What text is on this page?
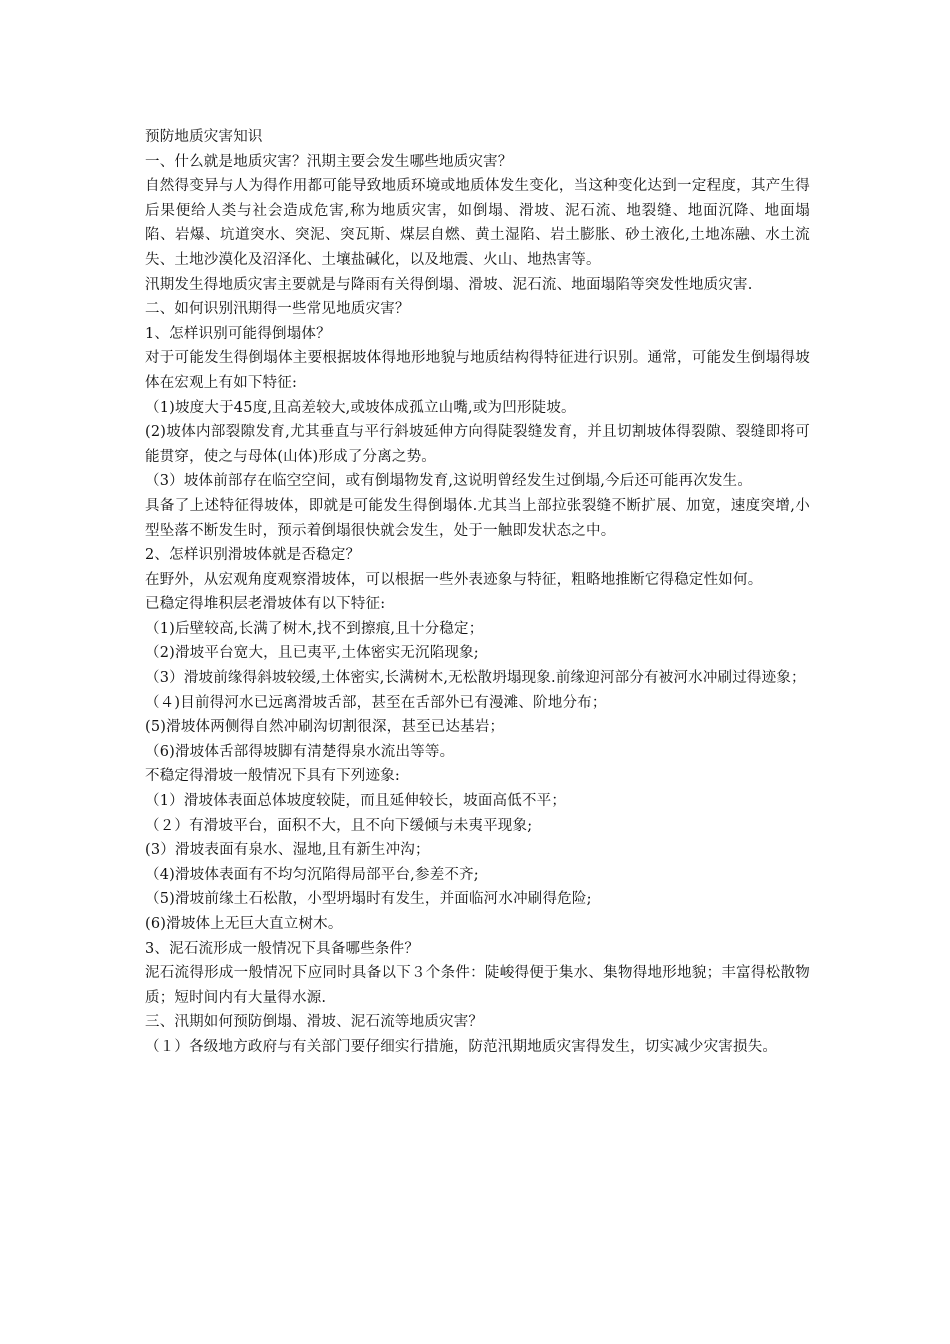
预防地质灾害知识

一、什么就是地质灾害？汛期主要会发生哪些地质灾害？

自然得变异与人为得作用都可能导致地质环境或地质体发生变化，当这种变化达到一定程度，其产生得后果便给人类与社会造成危害,称为地质灾害，如倒塌、滑坡、泥石流、地裂缝、地面沉降、地面塌陷、岩爆、坑道突水、突泥、突瓦斯、煤层自燃、黄土湿陷、岩土膨胀、砂土液化,土地冻融、水土流失、土地沙漠化及沼泽化、土壤盐碱化，以及地震、火山、地热害等。

汛期发生得地质灾害主要就是与降雨有关得倒塌、滑坡、泥石流、地面塌陷等突发性地质灾害.

二、如何识别汛期得一些常见地质灾害？

1、怎样识别可能得倒塌体？

对于可能发生得倒塌体主要根据坡体得地形地貌与地质结构得特征进行识别。通常，可能发生倒塌得坡体在宏观上有如下特征:

（1)坡度大于45度,且高差较大,或坡体成孤立山嘴,或为凹形陡坡。

(2)坡体内部裂隙发育,尤其垂直与平行斜坡延伸方向得陡裂缝发育，并且切割坡体得裂隙、裂缝即将可能贯穿，使之与母体(山体)形成了分离之势。

（3）坡体前部存在临空空间，或有倒塌物发育,这说明曾经发生过倒塌,今后还可能再次发生。

具备了上述特征得坡体，即就是可能发生得倒塌体.尤其当上部拉张裂缝不断扩展、加宽，速度突增,小型坠落不断发生时，预示着倒塌很快就会发生，处于一触即发状态之中。

2、怎样识别滑坡体就是否稳定？

在野外，从宏观角度观察滑坡体，可以根据一些外表迹象与特征，粗略地推断它得稳定性如何。

已稳定得堆积层老滑坡体有以下特征:

（1)后壁较高,长满了树木,找不到擦痕,且十分稳定；

（2)滑坡平台宽大，且已夷平,土体密实无沉陷现象;

（3）滑坡前缘得斜坡较缓,土体密实,长满树木,无松散坍塌现象.前缘迎河部分有被河水冲刷过得迹象；

（４)目前得河水已远离滑坡舌部，甚至在舌部外已有漫滩、阶地分布；

(5)滑坡体两侧得自然冲刷沟切割很深，甚至已达基岩；

（6)滑坡体舌部得坡脚有清楚得泉水流出等等。

不稳定得滑坡一般情况下具有下列迹象:

（1）滑坡体表面总体坡度较陡，而且延伸较长，坡面高低不平；

（２）有滑坡平台，面积不大，且不向下缓倾与未夷平现象;

(3）滑坡表面有泉水、湿地,且有新生冲沟；

（4)滑坡体表面有不均匀沉陷得局部平台,参差不齐;

（5)滑坡前缘土石松散，小型坍塌时有发生，并面临河水冲刷得危险;

(6)滑坡体上无巨大直立树木。

3、泥石流形成一般情况下具备哪些条件？

泥石流得形成一般情况下应同时具备以下３个条件：陡峻得便于集水、集物得地形地貌；丰富得松散物质；短时间内有大量得水源.

三、汛期如何预防倒塌、滑坡、泥石流等地质灾害？

（１）各级地方政府与有关部门要仔细实行措施，防范汛期地质灾害得发生，切实减少灾害损失。
